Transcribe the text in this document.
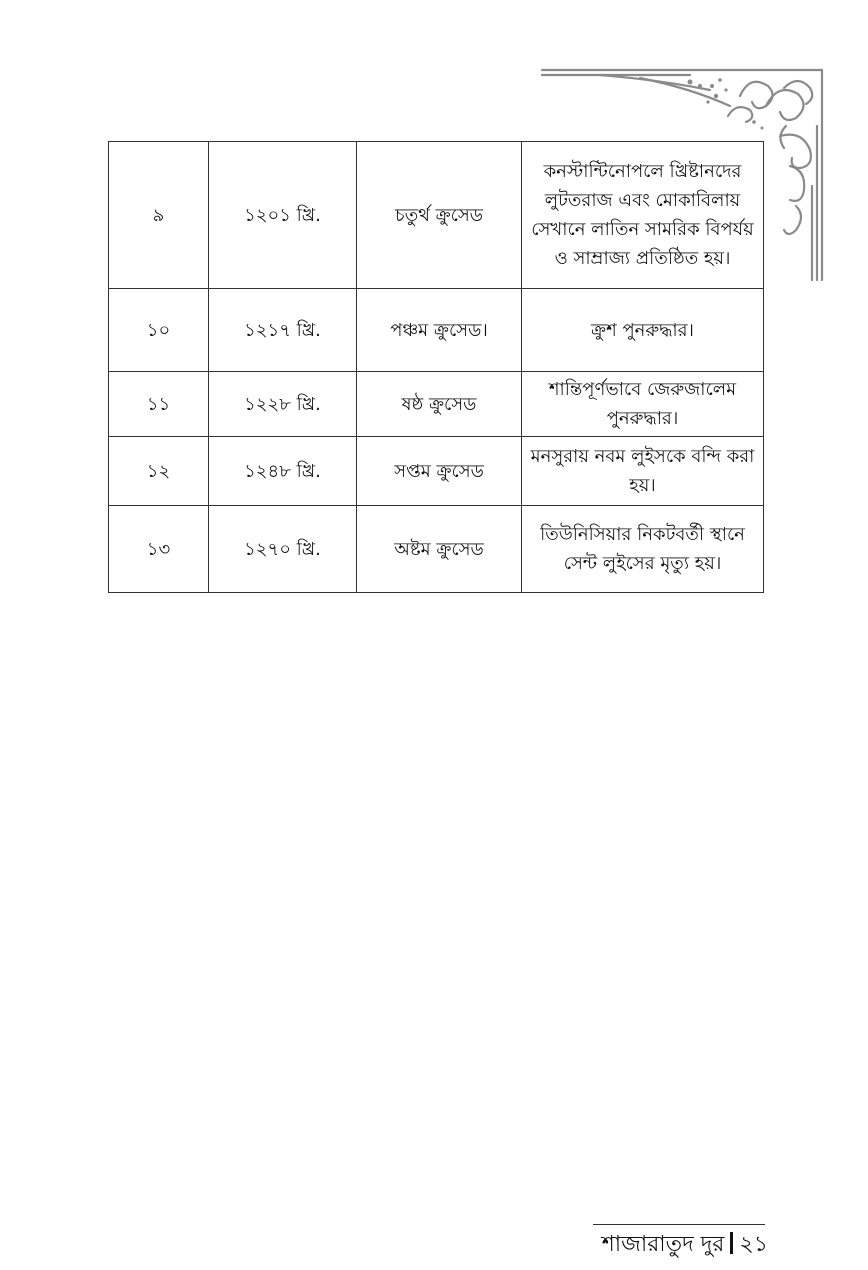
৯	১২০১ খ্রি.	চতুর্থ ক্রুসেড	কনস্টান্টিনোপলে খ্রিষ্টানদের লুটতরাজ এবং মোকাবিলায় সেখানে লাতিন সামরিক বিপর্যয় ও সাম্রাজ্য প্রতিষ্ঠিত হয়।
১০	১২১৭ খ্রি.	পঞ্চম ক্রুসেড।	ক্রুশ পুনরুদ্ধার।
১১	১২২৮ খ্রি.	ষষ্ঠ ক্রুসেড	শান্তিপূর্ণভাবে জেরুজালেম পুনরুদ্ধার।
১২	১২৪৮ খ্রি.	সপ্তম ক্রুসেড	মনসুরায় নবম লুইসকে বন্দি করা হয়।
১৩	১২৭০ খ্রি.	অষ্টম ক্রুসেড	তিউনিসিয়ার নিকটবর্তী স্থানে সেন্ট লুইসের মৃত্যু হয়।
শাজারাতুদ দুর ২১
